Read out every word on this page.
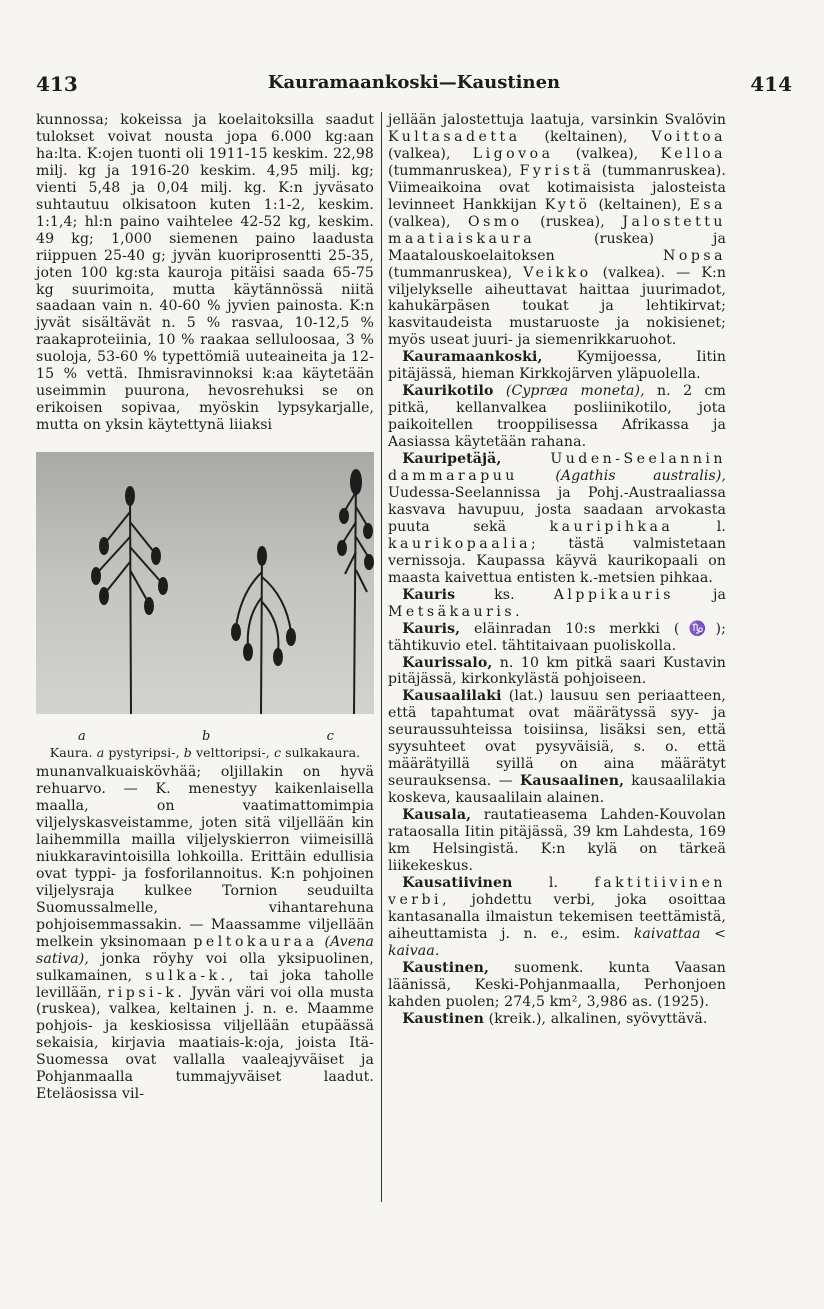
413	Kauramaankoski—Kaustinen	414

kunnossa; kokeissa ja koelaitoksilla saadut tulokset voivat nousta jopa 6.000 kg:aan ha:lta. K:ojen tuonti oli 1911-15 keskim. 22,98 milj. kg ja 1916-20 keskim. 4,95 milj. kg; vienti 5,48 ja 0,04 milj. kg. K:n jyväsato suhtautuu olkisatoon kuten 1:1-2, keskim. 1:1,4; hl:n paino vaihtelee 42-52 kg, keskim. 49 kg; 1,000 siemenen paino laadusta riippuen 25-40 g; jyvän kuoriprosentti 25-35, joten 100 kg:sta kauroja pitäisi saada 65-75 kg suurimoita, mutta käytännössä niitä saadaan vain n. 40-60 % jyvien painosta. K:n jyvät sisältävät n. 5 % rasvaa, 10-12,5 % raakaproteiinia, 10 % raakaa selluloosaa, 3 % suoloja, 53-60 % typettömiä uuteaineita ja 12-15 % vettä. Ihmisravinnoksi k:aa käytetään useimmin puurona, hevosrehuksi se on erikoisen sopivaa, myöskin lypsykarjalle, mutta on yksin käytettynä liiaksi

a	b	c
Kaura. a pystyripsi-, b velttoripsi-, c sulkakaura.

munanvalkuaiskövhää; oljillakin on hyvä rehuarvo. — K. menestyy kaikenlaisella maalla, on vaatimattomimpia viljelyskasveistamme, joten sitä viljellään kin laihemmilla mailla viljelyskierron viimeisillä niukkaravintoisilla lohkoilla. Erittäin edullisia ovat typpi- ja fosforilannoitus. K:n pohjoinen viljelysraja kulkee Tornion seuduilta Suomussalmelle, vihantarehuna pohjoisemmassakin. — Maassamme viljellään melkein yksinomaan peltokauraa (Avena sativa), jonka röyhy voi olla yksipuolinen, sulkamainen, sulka-k., tai joka taholle levillään, ripsi-k. Jyvän väri voi olla musta (ruskea), valkea, keltainen j. n. e. Maamme pohjois- ja keskiosissa viljellään etupäässä sekaisia, kirjavia maatiais-k:oja, joista Itä-Suomessa ovat vallalla vaaleajyväiset ja Pohjanmaalla tummajyväiset laadut. Eteläosissa vil-

jellään jalostettuja laatuja, varsinkin Svalövin Kultasadetta (keltainen), Voittoa (valkea), Ligovoa (valkea), Kelloa (tummanruskea), Fyristä (tummanruskea). Viimeaikoina ovat kotimaisista jalosteista levinneet Hankkijan Kytö (keltainen), Esa (valkea), Osmo (ruskea), Jalostettu maatiaiskaura	(ruskea) ja Maatalouskoelaitoksen	Nopsa (tummanruskea), Veikko (valkea). — K:n viljelykselle aiheuttavat haittaa juurimadot, kahukärpäsen toukat ja lehtikirvat; kasvitaudeista mustaruoste ja nokisienet; myös useat juuri- ja siemenrikkaruohot.

 Kauramaankoski, Kymijoessa, Iitin pitäjässä, hieman Kirkkojärven yläpuolella.

 Kaurikotilo (Cypræa moneta), n. 2 cm pitkä, kellanvalkea posliinikotilo, jota paikoitellen trooppilisessa Afrikassa ja Aasiassa käytetään rahana.

 Kauripetäjä,	Uuden-Seelannin dammarapuu	(Agathis australis), Uudessa-Seelannissa ja Pohj.-Austraaliassa kasvava havupuu, josta saadaan arvokasta puuta sekä	kauripihkaa	l. kaurikopaalia; tästä valmistetaan vernissoja. Kaupassa käyvä kaurikopaali on maasta kaivettua entisten k.-metsien pihkaa.

 Kauris	ks.	Alppikauris	ja Metsäkauris.

 Kauris, eläinradan 10:s merkki (♑); tähtikuvio etel. tähtitaivaan puoliskolla.

 Kaurissalo, n. 10 km pitkä saari Kustavin pitäjässä, kirkonkylästä pohjoiseen.

 Kausaalilaki (lat.) lausuu sen periaatteen, että tapahtumat ovat määrätyssä syy- ja seuraussuhteissa toisiinsa, lisäksi sen, että syysuhteet ovat pysyväisiä, s. o. että määrätyillä syillä on aina määrätyt seurauksensa. — Kausaalinen, kausaalilakia koskeva, kausaalilain alainen.

 Kausala, rautatieasema Lahden-Kouvolan rataosalla Iitin pitäjässä, 39 km Lahdesta, 169 km Helsingistä. K:n kylä on tärkeä liikekeskus.

 Kausatiivinen	l.	faktitiivinen verbi, johdettu verbi, joka osoittaa kantasanalla ilmaistun tekemisen teettämistä, aiheuttamista j. n. e., esim. kaivattaa < kaivaa.

 Kaustinen, suomenk. kunta Vaasan läänissä, Keski-Pohjanmaalla, Perhonjoen kahden puolen; 274,5 km², 3,986 as. (1925).

 Kaustinen (kreik.), alkalinen, syövyttävä.
